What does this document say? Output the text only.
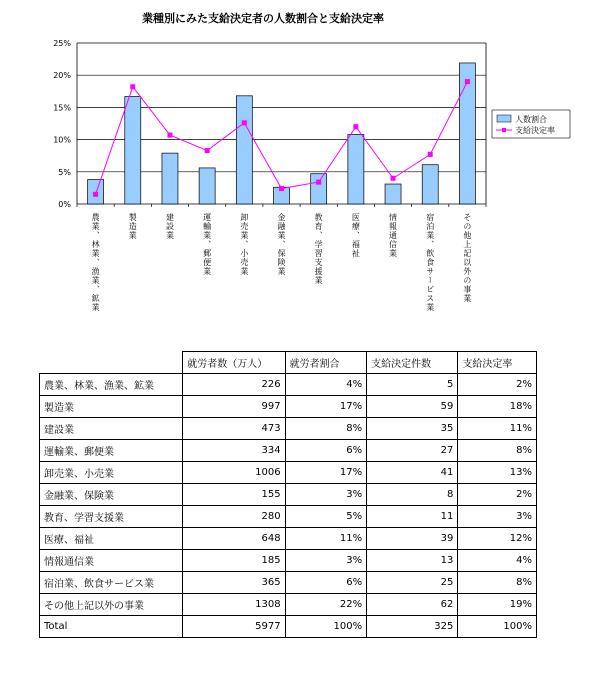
業種別にみた支給決定者の人数割合と支給決定率
0%
5%
10%
15%
20%
25%
農業、林業、漁業、鉱業	製造業	建設業	運輸業、郵便業	卸売業、小売業	金融業、保険業	教育、学習支援業	医療、福祉	情報通信業	宿泊業、飲食サービス業	その他上記以外の事業
人数割合
支給決定率
	就労者数（万人）	就労者割合	支給決定件数	支給決定率
農業、林業、漁業、鉱業	226	4%	5	2%
製造業	997	17%	59	18%
建設業	473	8%	35	11%
運輸業、郵便業	334	6%	27	8%
卸売業、小売業	1006	17%	41	13%
金融業、保険業	155	3%	8	2%
教育、学習支援業	280	5%	11	3%
医療、福祉	648	11%	39	12%
情報通信業	185	3%	13	4%
宿泊業、飲食サービス業	365	6%	25	8%
その他上記以外の事業	1308	22%	62	19%
Total	5977	100%	325	100%
